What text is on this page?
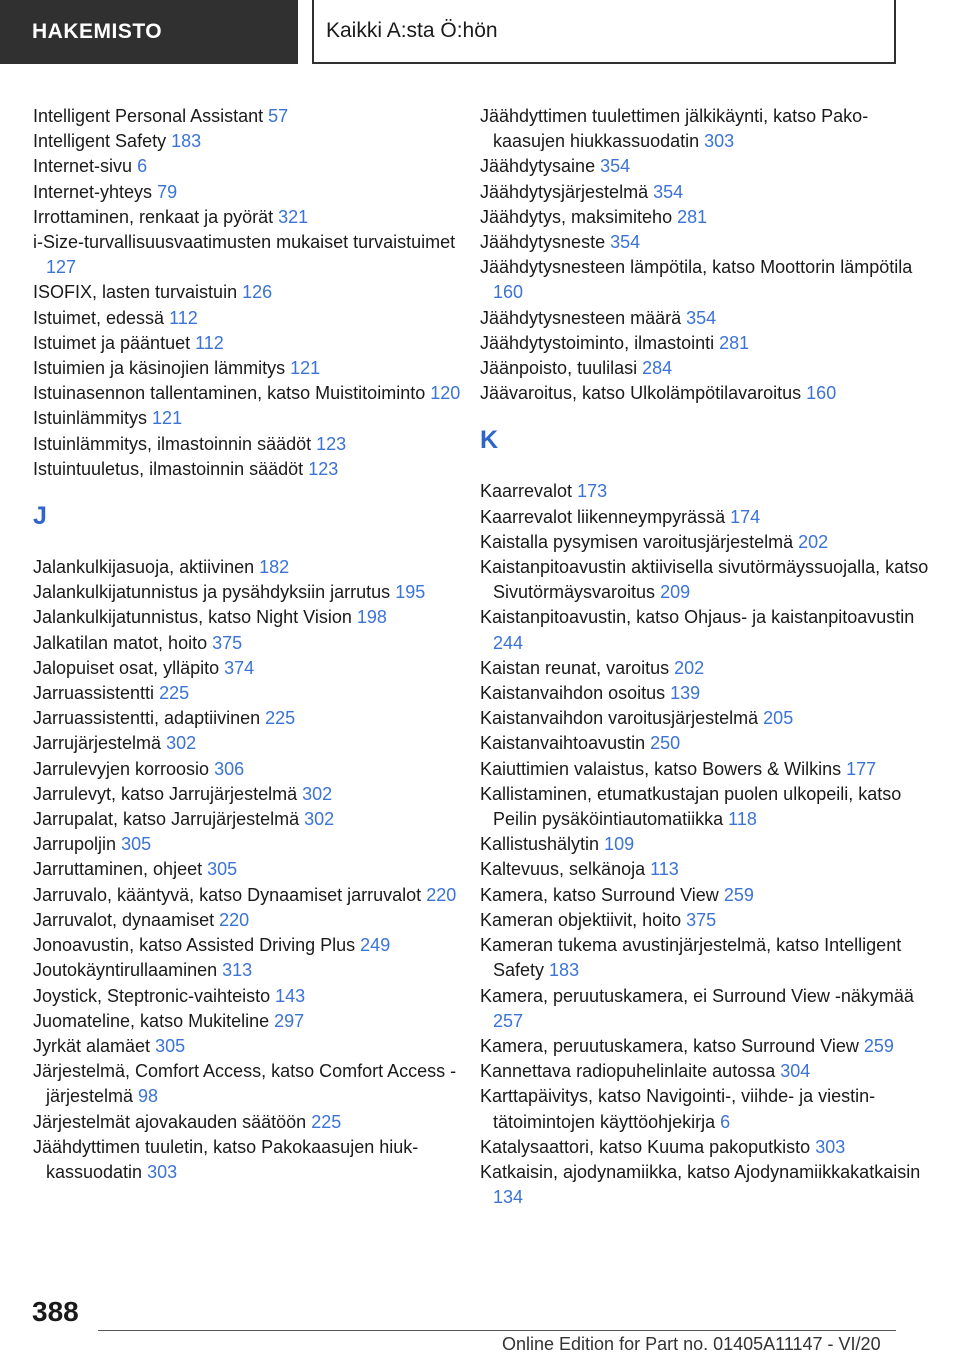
HAKEMISTO	Kaikki A:sta Ö:hön

Intelligent Personal Assistant 57

Intelligent Safety 183

Internet-sivu 6

Internet-yhteys 79

Irrottaminen, renkaat ja pyörät 321

i-Size-turvallisuusvaatimusten mukaiset turvaistuimet 127

ISOFIX, lasten turvaistuin 126

Istuimet, edessä 112

Istuimet ja pääntuet 112

Istuimien ja käsinojien lämmitys 121

Istuinasennon tallentaminen, katso Muistitoiminto 120

Istuinlämmitys 121

Istuinlämmitys, ilmastoinnin säädöt 123

Istuintuuletus, ilmastoinnin säädöt 123

J

Jalankulkijasuoja, aktiivinen 182

Jalankulkijatunnistus ja pysähdyksiin jarrutus 195

Jalankulkijatunnistus, katso Night Vision 198

Jalkatilan matot, hoito 375

Jalopuiset osat, ylläpito 374

Jarruassistentti 225

Jarruassistentti, adaptiivinen 225

Jarrujärjestelmä 302

Jarrulevyjen korroosio 306

Jarrulevyt, katso Jarrujärjestelmä 302

Jarrupalat, katso Jarrujärjestelmä 302

Jarrupoljin 305

Jarruttaminen, ohjeet 305

Jarruvalo, kääntyvä, katso Dynaamiset jarruvalot 220

Jarruvalot, dynaamiset 220

Jonoavustin, katso Assisted Driving Plus 249

Joutokäyntirullaaminen 313

Joystick, Steptronic-vaihteisto 143

Juomateline, katso Mukiteline 297

Jyrkät alamäet 305

Järjestelmä, Comfort Access, katso Comfort Access -järjestelmä 98

Järjestelmät ajovakauden säätöön 225

Jäähdyttimen tuuletin, katso Pakokaasujen hiukkassuodatin 303

Jäähdyttimen tuulettimen jälkikäynti, katso Pakokaasujen hiukkassuodatin 303

Jäähdytysaine 354

Jäähdytysjärjestelmä 354

Jäähdytys, maksimiteho 281

Jäähdytysneste 354

Jäähdytysnesteen lämpötila, katso Moottorin lämpötila 160

Jäähdytysnesteen määrä 354

Jäähdytystoiminto, ilmastointi 281

Jäänpoisto, tuulilasi 284

Jäävaroitus, katso Ulkolämpötilavaroitus 160

K

Kaarrevalot 173

Kaarrevalot liikenneympyrässä 174

Kaistalla pysymisen varoitusjärjestelmä 202

Kaistanpitoavustin aktiivisella sivutörmäyssuojalla, katso Sivutörmäysvaroitus 209

Kaistanpitoavustin, katso Ohjaus- ja kaistanpitoavustin 244

Kaistan reunat, varoitus 202

Kaistanvaihdon osoitus 139

Kaistanvaihdon varoitusjärjestelmä 205

Kaistanvaihtoavustin 250

Kaiuttimien valaistus, katso Bowers & Wilkins 177

Kallistaminen, etumatkustajan puolen ulkopeili, katso Peilin pysäköintiautomatiikka 118

Kallistushälytin 109

Kaltevuus, selkänoja 113

Kamera, katso Surround View 259

Kameran objektiivit, hoito 375

Kameran tukema avustinjärjestelmä, katso Intelligent Safety 183

Kamera, peruutuskamera, ei Surround View -näkymää 257

Kamera, peruutuskamera, katso Surround View 259

Kannettava radiopuhelinlaite autossa 304

Karttapäivitys, katso Navigointi-, viihde- ja viestintätoimintojen käyttöohjekirja 6

Katalysaattori, katso Kuuma pakoputkisto 303

Katkaisin, ajodynamiikka, katso Ajodynamiikkakatkaisin 134

388
Online Edition for Part no. 01405A11147 - VI/20
